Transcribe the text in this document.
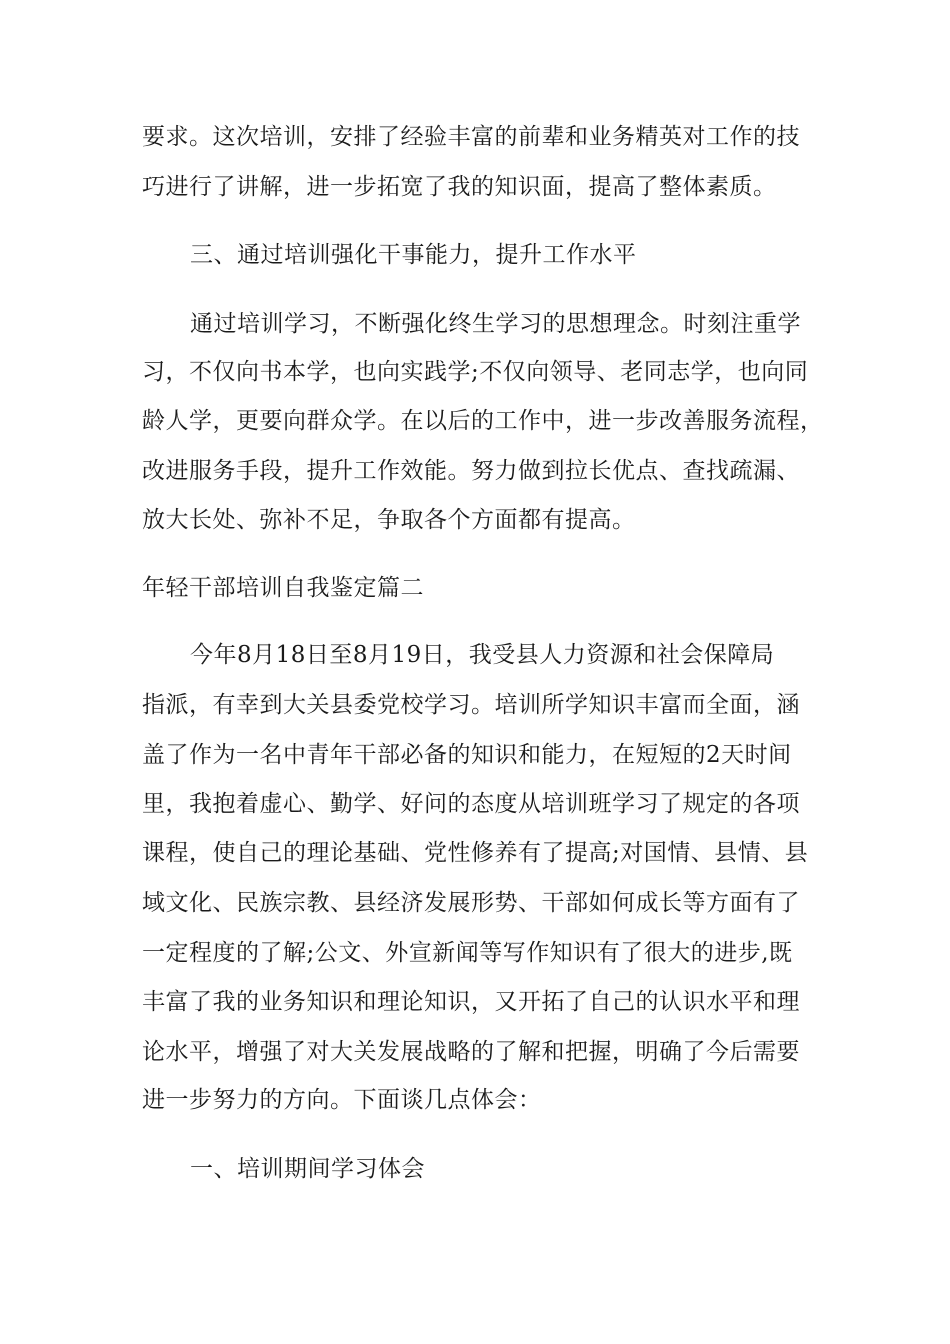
要求。这次培训，安排了经验丰富的前辈和业务精英对工作的技
巧进行了讲解，进一步拓宽了我的知识面，提高了整体素质。
三、通过培训强化干事能力，提升工作水平
通过培训学习，不断强化终生学习的思想理念。时刻注重学
习，不仅向书本学，也向实践学;不仅向领导、老同志学，也向同
龄人学，更要向群众学。在以后的工作中，进一步改善服务流程，
改进服务手段，提升工作效能。努力做到拉长优点、查找疏漏、
放大长处、弥补不足，争取各个方面都有提高。
年轻干部培训自我鉴定篇二
今年8月18日至8月19日，我受县人力资源和社会保障局
指派，有幸到大关县委党校学习。培训所学知识丰富而全面，涵
盖了作为一名中青年干部必备的知识和能力，在短短的2天时间
里，我抱着虚心、勤学、好问的态度从培训班学习了规定的各项
课程，使自己的理论基础、党性修养有了提高;对国情、县情、县
域文化、民族宗教、县经济发展形势、干部如何成长等方面有了
一定程度的了解;公文、外宣新闻等写作知识有了很大的进步,既
丰富了我的业务知识和理论知识，又开拓了自己的认识水平和理
论水平，增强了对大关发展战略的了解和把握，明确了今后需要
进一步努力的方向。下面谈几点体会：
一、培训期间学习体会
